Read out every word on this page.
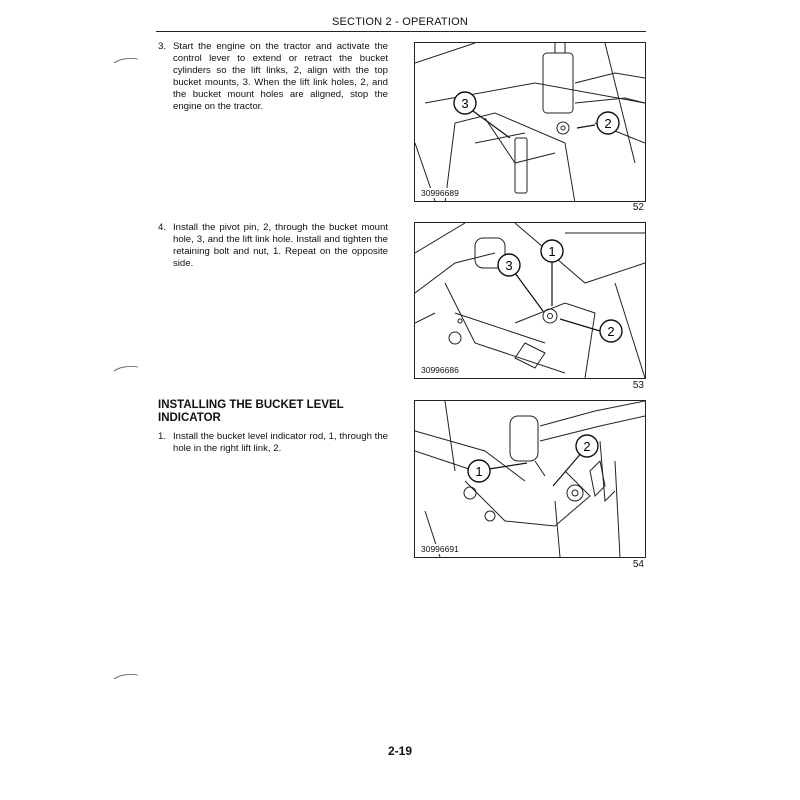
SECTION 2 - OPERATION
3. Start the engine on the tractor and activate the control lever to extend or retract the bucket cylinders so the lift links, 2, align with the top bucket mounts, 3. When the lift link holes, 2, and the bucket mount holes are aligned, stop the engine on the tractor.	3
2
30996689
52
4. Install the pivot pin, 2, through the bucket mount hole, 3, and the lift link hole. Install and tighten the retaining bolt and nut, 1. Repeat on the opposite side.
1
3
2
30996686
53
INSTALLING THE BUCKET LEVEL INDICATOR
1. Install the bucket level indicator rod, 1, through the hole in the right lift link, 2.	2
1
30996691
54
2-19
